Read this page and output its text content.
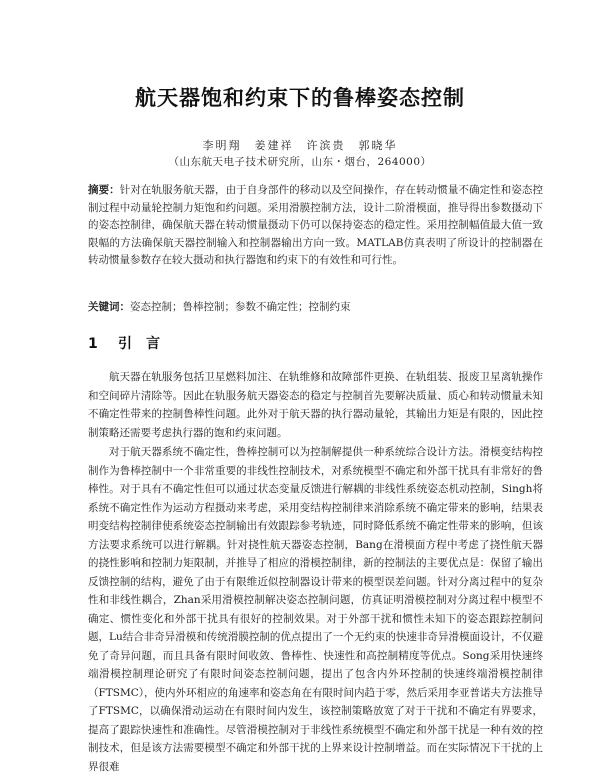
航天器饱和约束下的鲁棒姿态控制
李明翔　姜建祥　许滨贵　郭晓华
（山东航天电子技术研究所，山东・烟台，264000）
摘要：针对在轨服务航天器，由于自身部件的移动以及空间操作，存在转动惯量不确定性和姿态控制过程中动量轮控制力矩饱和约问题。采用滑膜控制方法，设计二阶滑模面，推导得出参数摄动下的姿态控制律，确保航天器在转动惯量摄动下仍可以保持姿态的稳定性。采用控制幅值最大值一致限幅的方法确保航天器控制输入和控制器输出方向一致。MATLAB仿真表明了所设计的控制器在转动惯量参数存在较大摄动和执行器饱和约束下的有效性和可行性。
关键词：姿态控制；鲁棒控制；参数不确定性；控制约束
1 引言

航天器在轨服务包括卫星燃料加注、在轨维修和故障部件更换、在轨组装、报废卫星离轨操作和空间碎片清除等。因此在轨服务航天器姿态的稳定与控制首先要解决质量、质心和转动惯量未知不确定性带来的控制鲁棒性问题。此外对于航天器的执行器动量轮，其输出力矩是有限的，因此控制策略还需要考虑执行器的饱和约束问题。

对于航天器系统不确定性，鲁棒控制可以为控制解提供一种系统综合设计方法。滑模变结构控制作为鲁棒控制中一个非常重要的非线性控制技术，对系统模型不确定和外部干扰具有非常好的鲁棒性。对于具有不确定性但可以通过状态变量反馈进行解耦的非线性系统姿态机动控制，Singh将系统不确定性作为运动方程摄动来考虑，采用变结构控制律来消除系统不确定带来的影响，结果表明变结构控制律使系统姿态控制输出有效跟踪参考轨迹，同时降低系统不确定性带来的影响，但该方法要求系统可以进行解耦。针对挠性航天器姿态控制，Bang在滑模面方程中考虑了挠性航天器的挠性影响和控制力矩限制，并推导了相应的滑模控制律，新的控制法的主要优点是：保留了输出反馈控制的结构，避免了由于有限维近似控制器设计带来的模型误差问题。针对分离过程中的复杂性和非线性耦合，Zhan采用滑模控制解决姿态控制问题，仿真证明滑模控制对分离过程中模型不确定、惯性变化和外部干扰具有很好的控制效果。对于外部干扰和惯性未知下的姿态跟踪控制问题，Lu结合非奇异滑模和传统滑膜控制的优点提出了一个无约束的快速非奇异滑模面设计，不仅避免了奇异问题，而且具备有限时间收敛、鲁棒性、快速性和高控制精度等优点。Song采用快速终端滑模控制理论研究了有限时间姿态控制问题，提出了包含内外环控制的快速终端滑模控制律（FTSMC），使内外环相应的角速率和姿态角在有限时间内趋于零，然后采用李亚普诺夫方法推导了FTSMC，以确保滑动运动在有限时间内发生，该控制策略放宽了对于干扰和不确定有界要求，提高了跟踪快速性和准确性。尽管滑模控制对于非线性系统模型不确定和外部干扰是一种有效的控制技术，但是该方法需要模型不确定和外部干扰的上界来设计控制增益。而在实际情况下干扰的上界很难
